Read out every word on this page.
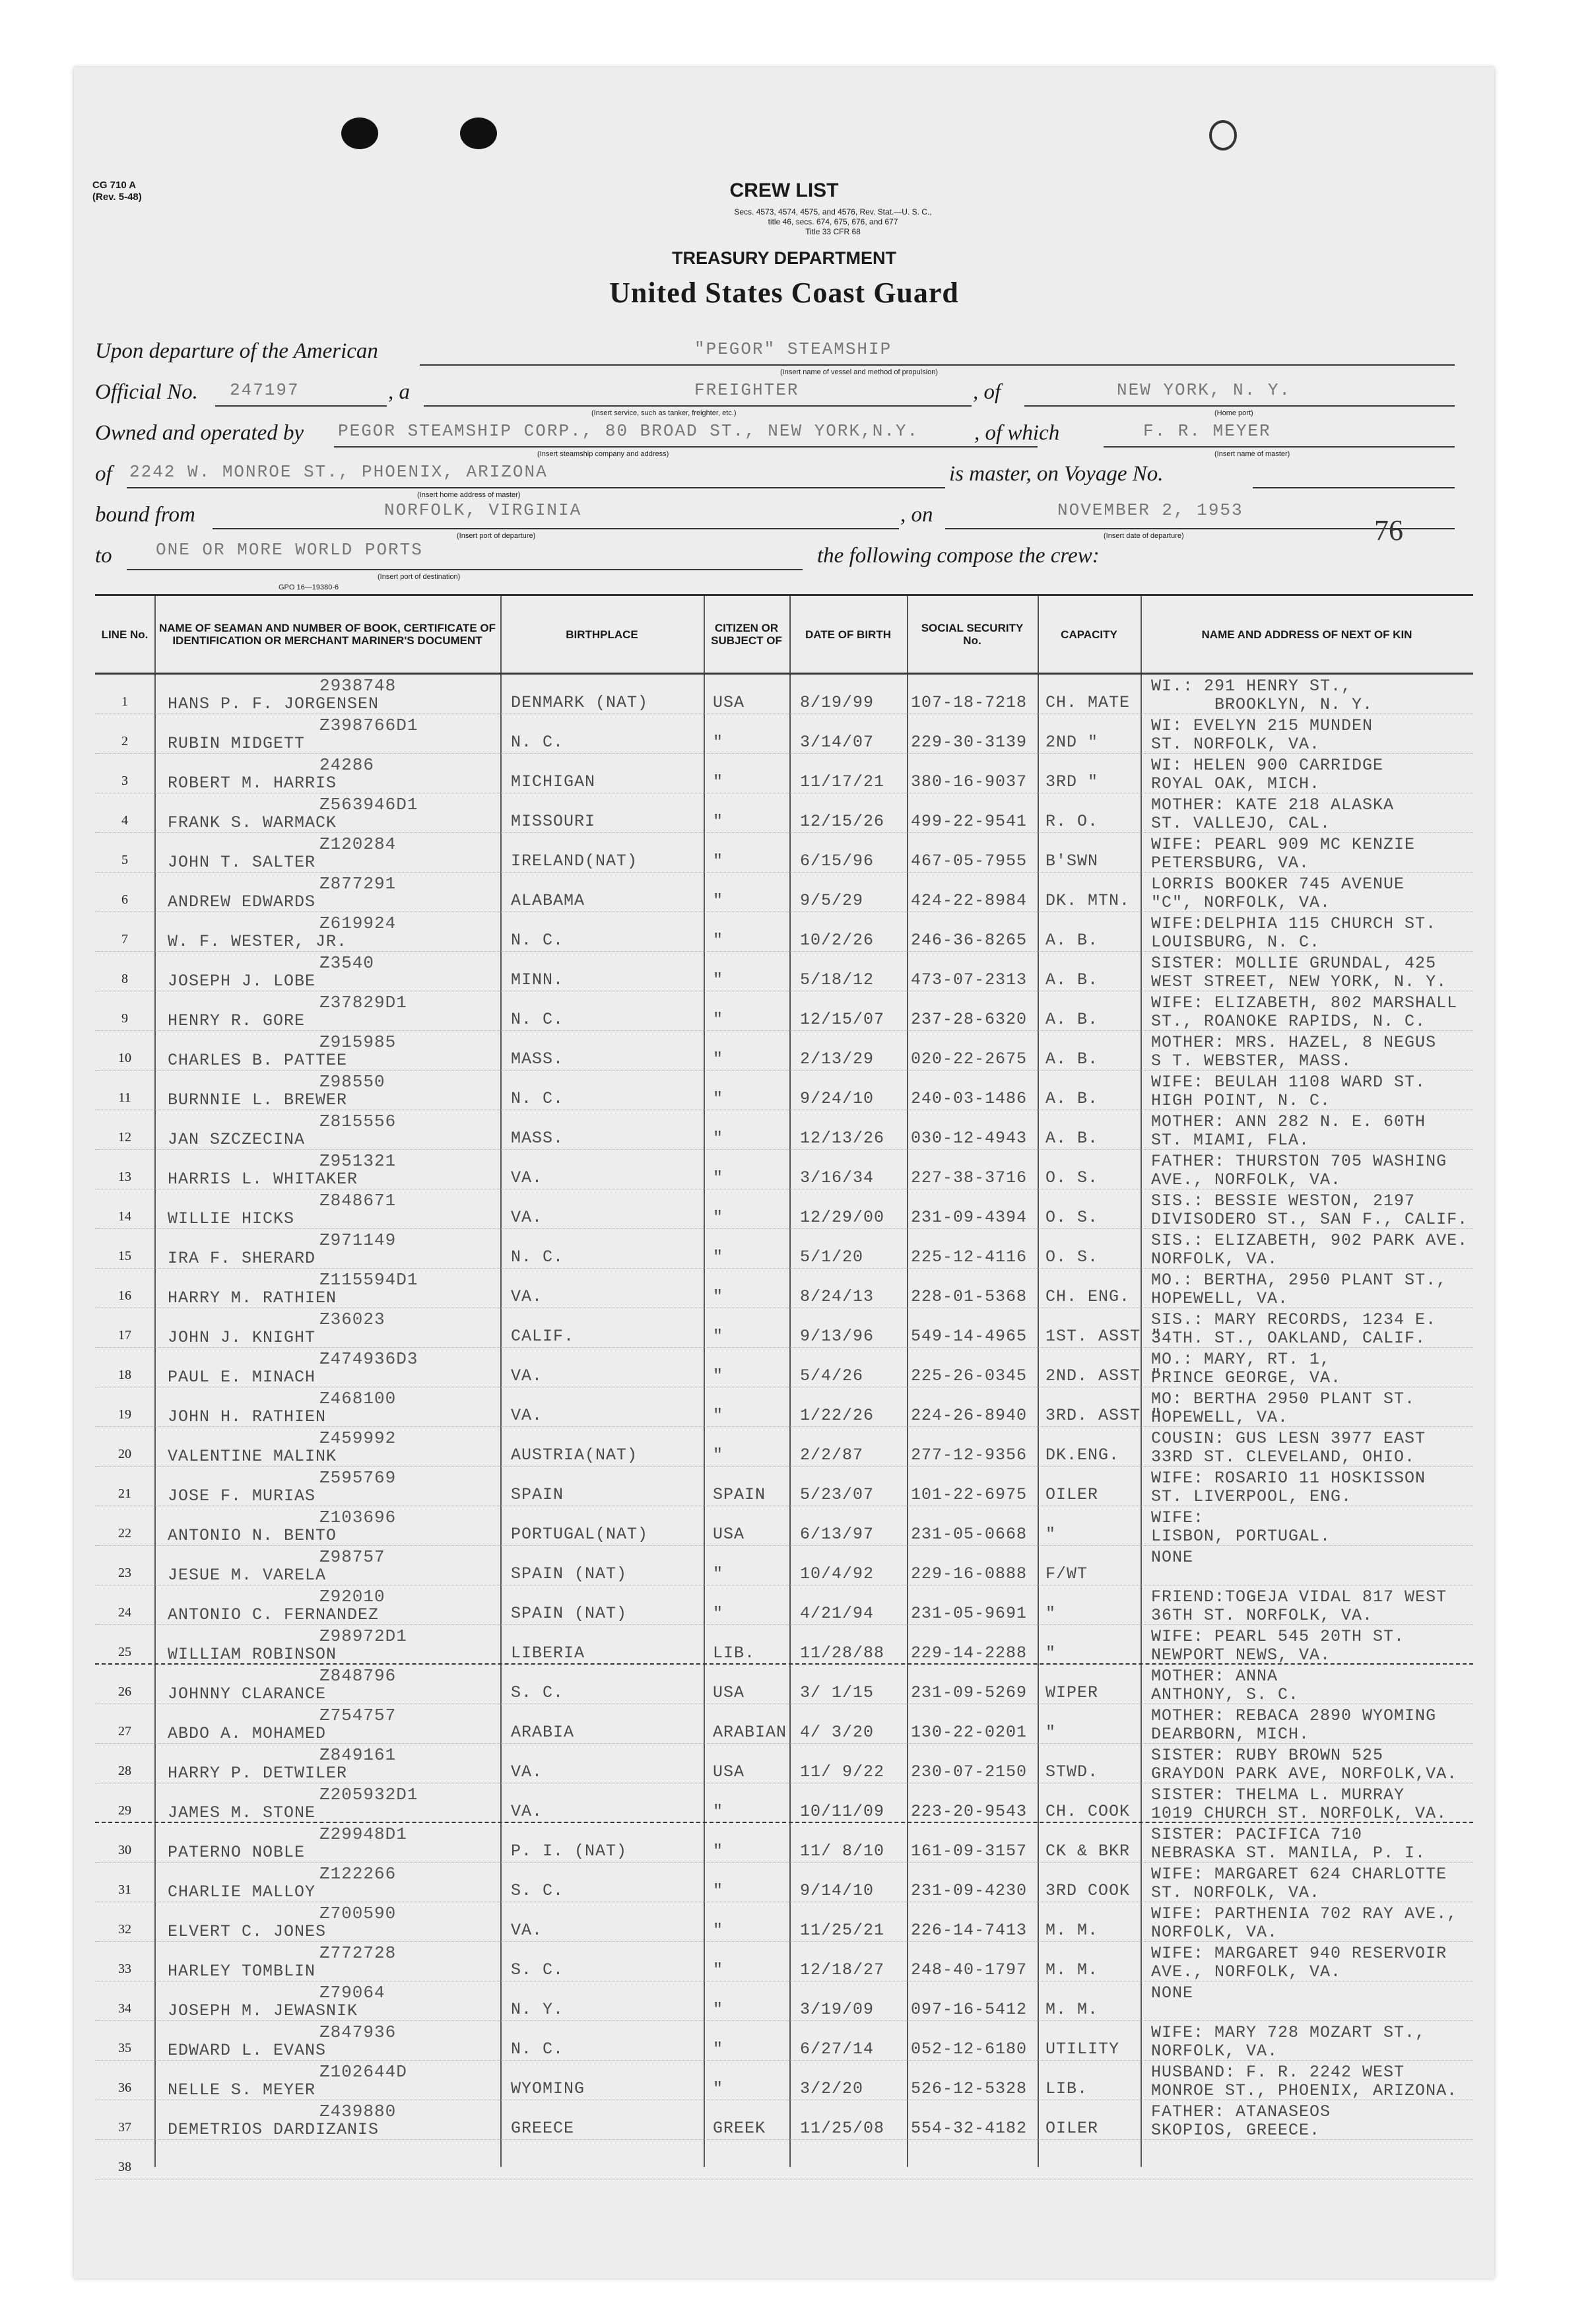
CG 710 A
(Rev. 5-48)	CREW LIST
Secs. 4573, 4574, 4575, and 4576, Rev. Stat.—U. S. C.,
title 46, secs. 674, 675, 676, and 677
Title 33 CFR 68
TREASURY DEPARTMENT
United States Coast Guard
Upon departure of the American	"PEGOR" STEAMSHIP
(Insert name of vessel and method of propulsion)
Official No. 247197	, a	FREIGHTER
(Insert service, such as tanker, freighter, etc.)
, of	NEW YORK, N. Y.
(Home port)
Owned and operated by PEGOR STEAMSHIP CORP., 80 BROAD ST., NEW YORK,N.Y.
(Insert steamship company and address)
, of which	F. R. MEYER
(Insert name of master)
of 2242 W. MONROE ST., PHOENIX, ARIZONA
(Insert home address of master)
is master, on Voyage No.
bound from	NORFOLK, VIRGINIA
(Insert port of departure)
, on	NOVEMBER 2, 1953
(Insert date of departure)	76
to	ONE OR MORE WORLD PORTS
(Insert port of destination)
the following compose the crew:
GPO 16—19380-6
LINE No. NAME OF SEAMAN AND NUMBER OF BOOK, CERTIFICATE OF IDENTIFICATION OR MERCHANT MARINER'S DOCUMENT	BIRTHPLACE	CITIZEN OR SUBJECT OF	DATE OF BIRTH	SOCIAL SECURITY No.	CAPACITY	NAME AND ADDRESS OF NEXT OF KIN
1
2938748
HANS P. F. JORGENSEN	DENMARK (NAT)	USA	8/19/99 107-18-7218 CH. MATE
WI.: 291 HENRY ST.,
BROOKLYN, N. Y.
2
Z398766D1
RUBIN MIDGETT	N. C.	"	3/14/07 229-30-3139 2ND "
WI: EVELYN 215 MUNDEN
ST. NORFOLK, VA.
3
24286
ROBERT M. HARRIS	MICHIGAN	"	11/17/21 380-16-9037 3RD "
WI: HELEN 900 CARRIDGE
ROYAL OAK, MICH.
4
Z563946D1
FRANK S. WARMACK	MISSOURI	"	12/15/26 499-22-9541 R. O.
MOTHER: KATE 218 ALASKA
ST. VALLEJO, CAL.
5
Z120284
JOHN T. SALTER	IRELAND(NAT)	"	6/15/96 467-05-7955 B'SWN
WIFE: PEARL 909 MC KENZIE
PETERSBURG, VA.
6
Z877291
ANDREW EDWARDS	ALABAMA	"	9/5/29	424-22-8984 DK. MTN.
LORRIS BOOKER 745 AVENUE
"C", NORFOLK, VA.
7
Z619924
W. F. WESTER, JR.	N. C.	"	10/2/26 246-36-8265 A. B.
WIFE:DELPHIA 115 CHURCH ST.
LOUISBURG, N. C.
8
Z3540
JOSEPH J. LOBE	MINN.	"	5/18/12 473-07-2313 A. B.
SISTER: MOLLIE GRUNDAL, 425
WEST STREET, NEW YORK, N. Y.
9
Z37829D1
HENRY R. GORE	N. C.	"	12/15/07 237-28-6320 A. B.
WIFE: ELIZABETH, 802 MARSHALL
ST., ROANOKE RAPIDS, N. C.
10
Z915985
CHARLES B. PATTEE	MASS.	"	2/13/29 020-22-2675 A. B.
MOTHER: MRS. HAZEL, 8 NEGUS
S T. WEBSTER, MASS.
11
Z98550
BURNNIE L. BREWER	N. C.	"	9/24/10 240-03-1486 A. B.
WIFE: BEULAH 1108 WARD ST.
HIGH POINT, N. C.
12
Z815556
JAN SZCZECINA	MASS.	"	12/13/26 030-12-4943 A. B.
MOTHER: ANN 282 N. E. 60TH
ST. MIAMI, FLA.
13
Z951321
HARRIS L. WHITAKER	VA.	"	3/16/34 227-38-3716 O. S.
FATHER: THURSTON 705 WASHING
AVE., NORFOLK, VA.
14
Z848671
WILLIE HICKS	VA.	"	12/29/00 231-09-4394 O. S.
SIS.: BESSIE WESTON, 2197
DIVISODERO ST., SAN F., CALIF.
15
Z971149
IRA F. SHERARD	N. C.	"	5/1/20	225-12-4116 O. S.
SIS.: ELIZABETH, 902 PARK AVE.
NORFOLK, VA.
16
Z115594D1
HARRY M. RATHIEN	VA.	"	8/24/13 228-01-5368 CH. ENG.
MO.: BERTHA, 2950 PLANT ST.,
HOPEWELL, VA.
17
Z36023
JOHN J. KNIGHT	CALIF.	"	9/13/96 549-14-4965 1ST. ASST "
SIS.: MARY RECORDS, 1234 E.
34TH. ST., OAKLAND, CALIF.
18
Z474936D3
PAUL E. MINACH	VA.	"	5/4/26	225-26-0345 2ND. ASST "
MO.: MARY, RT. 1,
PRINCE GEORGE, VA.
19
Z468100
JOHN H. RATHIEN	VA.	"	1/22/26 224-26-8940 3RD. ASST "
MO: BERTHA 2950 PLANT ST.
HOPEWELL, VA.
20
Z459992
VALENTINE MALINK	AUSTRIA(NAT)	"	2/2/87	277-12-9356 DK.ENG.
COUSIN: GUS LESN 3977 EAST
33RD ST. CLEVELAND, OHIO.
21
Z595769
JOSE F. MURIAS	SPAIN	SPAIN 5/23/07 101-22-6975 OILER
WIFE: ROSARIO 11 HOSKISSON
ST. LIVERPOOL, ENG.
22
Z103696
ANTONIO N. BENTO	PORTUGAL(NAT)	USA	6/13/97 231-05-0668 "
WIFE:
LISBON, PORTUGAL.
23
Z98757
JESUE M. VARELA	SPAIN (NAT)	"	10/4/92 229-16-0888 F/WT
NONE
24
Z92010
ANTONIO C. FERNANDEZ	SPAIN (NAT)	"	4/21/94 231-05-9691 "
FRIEND:TOGEJA VIDAL 817 WEST
36TH ST. NORFOLK, VA.
25
Z98972D1
WILLIAM ROBINSON	LIBERIA	LIB.	11/28/88 229-14-2288 "
WIFE: PEARL 545 20TH ST.
NEWPORT NEWS, VA.
26
Z848796
JOHNNY CLARANCE	S. C.	USA	3/ 1/15 231-09-5269 WIPER
MOTHER: ANNA
ANTHONY, S. C.
27
Z754757
ABDO A. MOHAMED	ARABIA	ARABIAN 4/ 3/20 130-22-0201 "
MOTHER: REBACA 2890 WYOMING
DEARBORN, MICH.
28
Z849161
HARRY P. DETWILER	VA.	USA	11/ 9/22 230-07-2150 STWD.
SISTER: RUBY BROWN 525
GRAYDON PARK AVE, NORFOLK,VA.
29
Z205932D1
JAMES M. STONE	VA.	"	10/11/09 223-20-9543 CH. COOK
SISTER: THELMA L. MURRAY
1019 CHURCH ST. NORFOLK, VA.
30
Z29948D1
PATERNO NOBLE	P. I. (NAT)	"	11/ 8/10 161-09-3157 CK & BKR
SISTER: PACIFICA 710
NEBRASKA ST. MANILA, P. I.
31
Z122266
CHARLIE MALLOY	S. C.	"	9/14/10 231-09-4230 3RD COOK
WIFE: MARGARET 624 CHARLOTTE
ST. NORFOLK, VA.
32
Z700590
ELVERT C. JONES	VA.	"	11/25/21 226-14-7413 M. M.
WIFE: PARTHENIA 702 RAY AVE.,
NORFOLK, VA.
33
Z772728
HARLEY TOMBLIN	S. C.	"	12/18/27 248-40-1797 M. M.
WIFE: MARGARET 940 RESERVOIR
AVE., NORFOLK, VA.
34
Z79064
JOSEPH M. JEWASNIK	N. Y.	"	3/19/09 097-16-5412 M. M.
NONE
35
Z847936
EDWARD L. EVANS	N. C.	"	6/27/14 052-12-6180 UTILITY
WIFE: MARY 728 MOZART ST.,
NORFOLK, VA.
36
Z102644D
NELLE S. MEYER	WYOMING	"	3/2/20	526-12-5328 LIB.
HUSBAND: F. R. 2242 WEST
MONROE ST., PHOENIX, ARIZONA.
37
Z439880
DEMETRIOS DARDIZANIS	GREECE	GREEK 11/25/08 554-32-4182 OILER
FATHER: ATANASEOS
SKOPIOS, GREECE.
38
